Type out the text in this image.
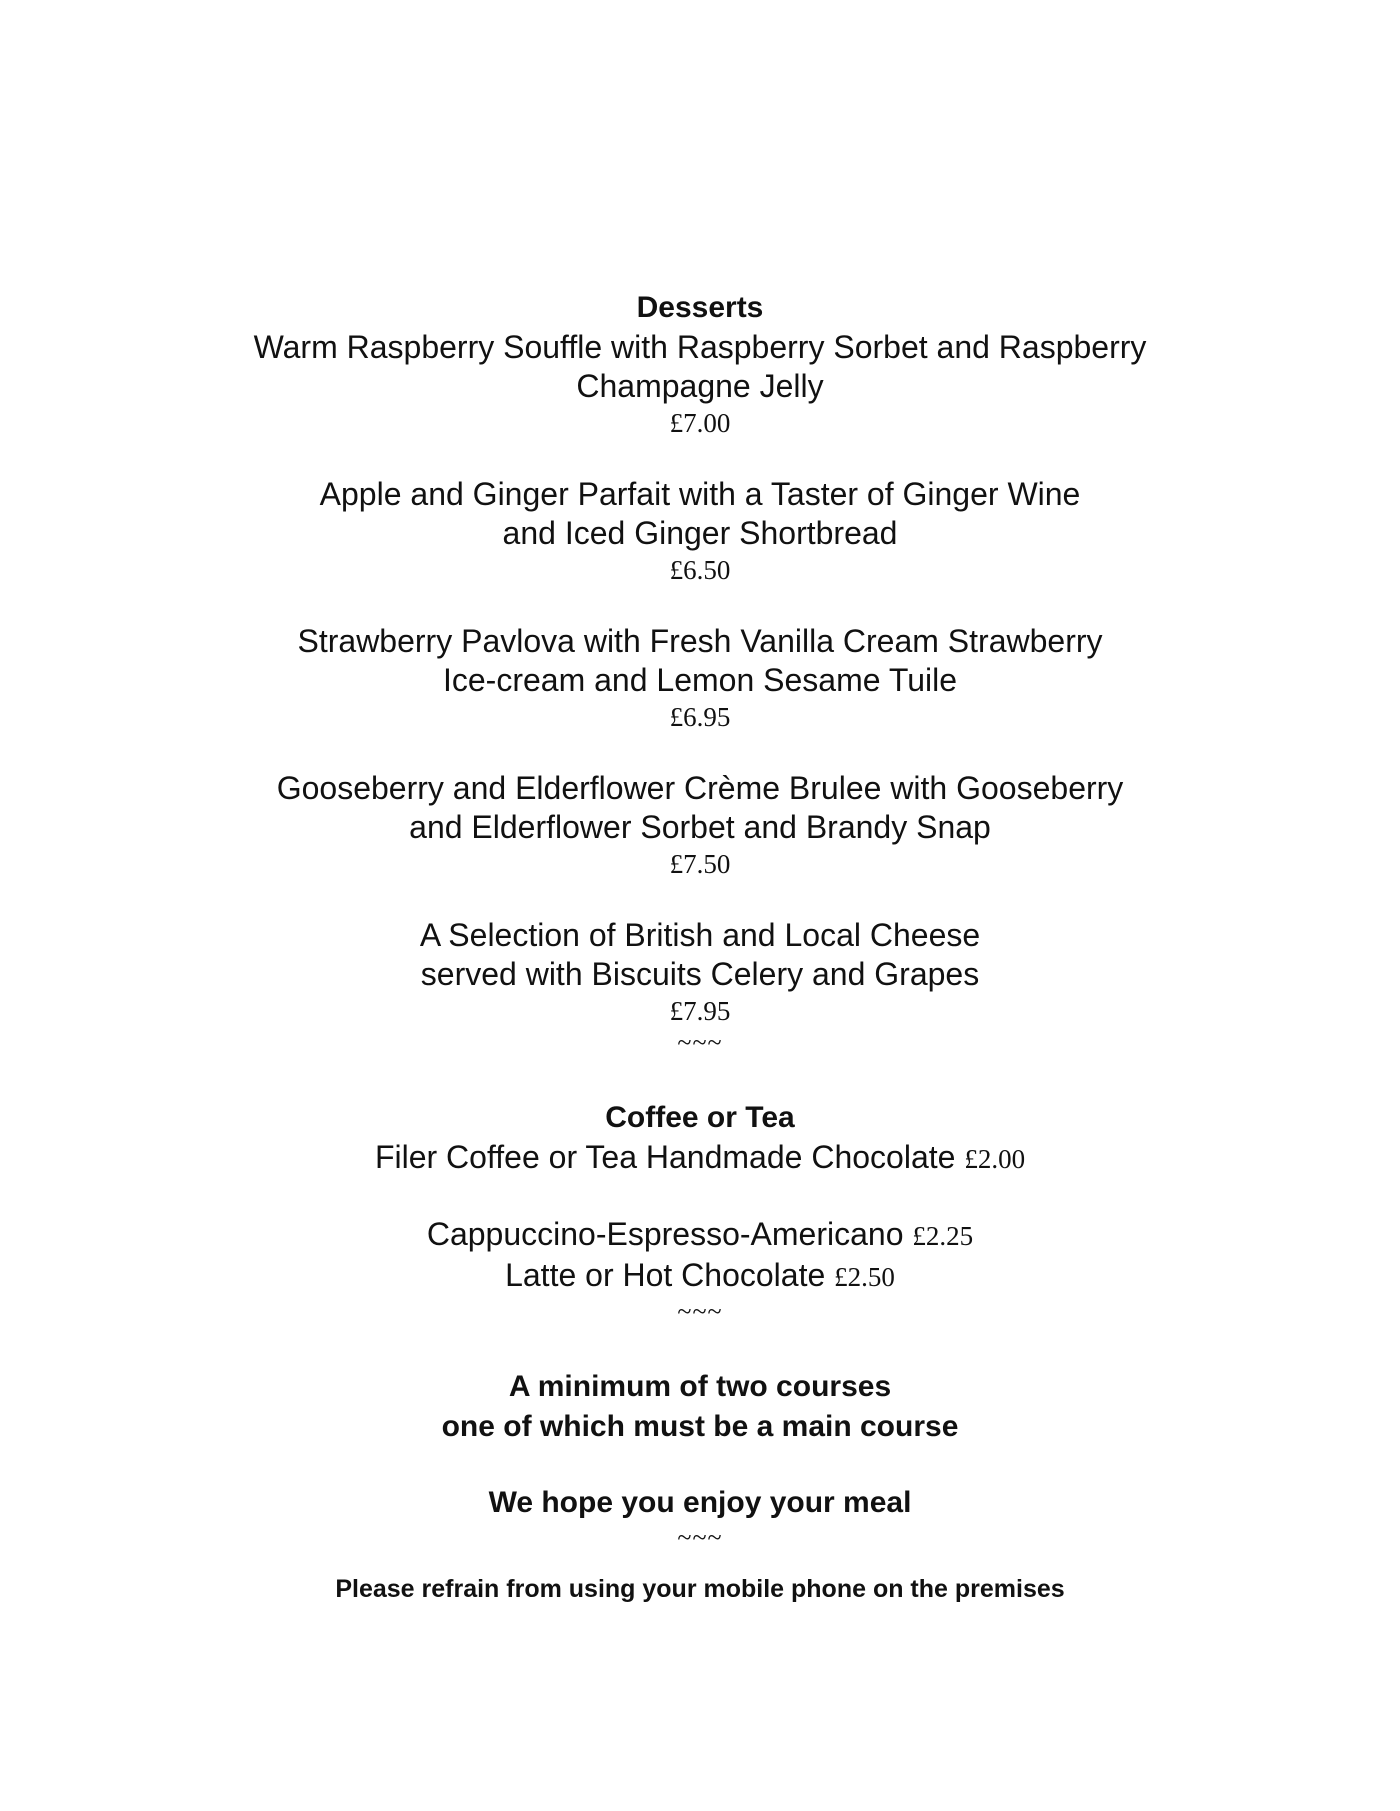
Desserts
Warm Raspberry Souffle with Raspberry Sorbet and Raspberry
Champagne Jelly
£7.00
Apple and Ginger Parfait with a Taster of Ginger Wine
and Iced Ginger Shortbread
£6.50
Strawberry Pavlova with Fresh Vanilla Cream Strawberry
Ice-cream and Lemon Sesame Tuile
£6.95
Gooseberry and Elderflower Crème Brulee with Gooseberry
and Elderflower Sorbet and Brandy Snap
£7.50
A Selection of British and Local Cheese
served with Biscuits Celery and Grapes
£7.95
~~~
Coffee or Tea
Filer Coffee or Tea Handmade Chocolate £2.00
Cappuccino-Espresso-Americano £2.25
Latte or Hot Chocolate £2.50
~~~
A minimum of two courses
one of which must be a main course
We hope you enjoy your meal
~~~
Please refrain from using your mobile phone on the premises
